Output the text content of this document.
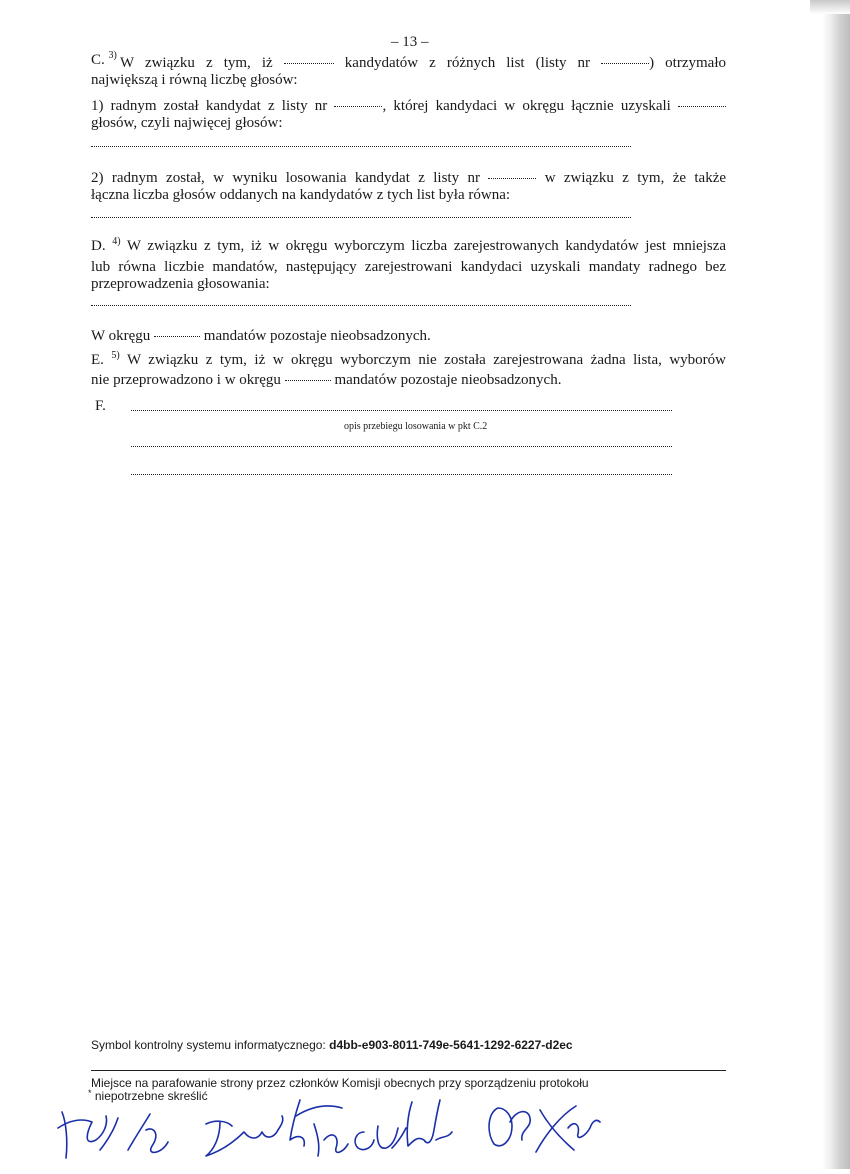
– 13 –
C. $^{3)}$ W związku z tym, iż	kandydatów z różnych list (listy nr	) otrzymało
największą i równą liczbę głosów:
1) radnym został kandydat z listy nr	, której kandydaci w okręgu łącznie uzyskali
głosów, czyli najwięcej głosów:
2) radnym został, w wyniku losowania kandydat z listy nr	w związku z tym, że także
łączna liczba głosów oddanych na kandydatów z tych list była równa:
D. $^{4)}$ W związku z tym, iż w okręgu wyborczym liczba zarejestrowanych kandydatów jest mniejsza
lub równa liczbie mandatów, następujący zarejestrowani kandydaci uzyskali mandaty radnego bez
przeprowadzenia głosowania:
W okręgu	mandatów pozostaje nieobsadzonych.
E. $^{5)}$ W związku z tym, iż w okręgu wyborczym nie została zarejestrowana żadna lista, wyborów
nie przeprowadzono i w okręgu	mandatów pozostaje nieobsadzonych.
F.
opis przebiegu losowania w pkt C.2
Symbol kontrolny systemu informatycznego: d4bb-e903-8011-749e-5641-1292-6227-d2ec
Miejsce na parafowanie strony przez członków Komisji obecnych przy sporządzeniu protokołu
* niepotrzebne skreślić
